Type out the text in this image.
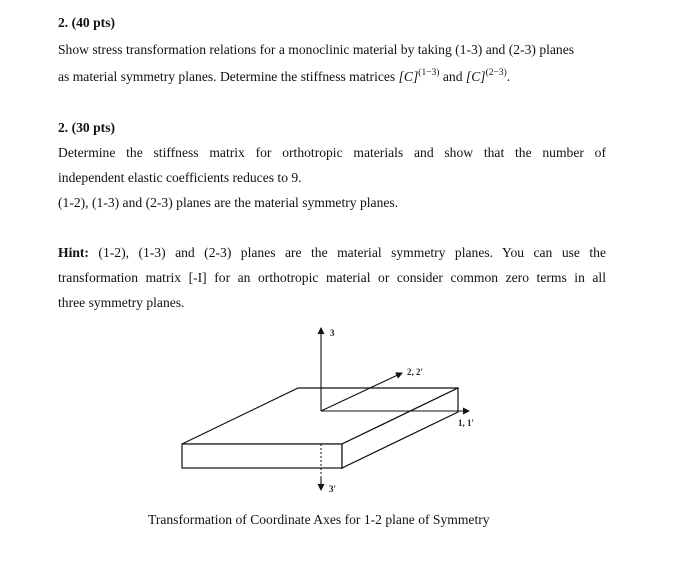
2. (40 pts)
Show stress transformation relations for a monoclinic material by taking (1-3) and (2-3) planes
as material symmetry planes. Determine the stiffness matrices $[C]^{(1-3)}$ and $[C]^{(2-3)}$.
2. (30 pts)
Determine the stiffness matrix for orthotropic materials and show that the number of
independent elastic coefficients reduces to 9.
(1-2), (1-3) and (2-3) planes are the material symmetry planes.
Hint: (1-2), (1-3) and (2-3) planes are the material symmetry planes. You can use the
transformation matrix [-I] for an orthotropic material or consider common zero terms in all
three symmetry planes.
3
1, 1′
2, 2′
3′
Transformation of Coordinate Axes for 1-2 plane of Symmetry
